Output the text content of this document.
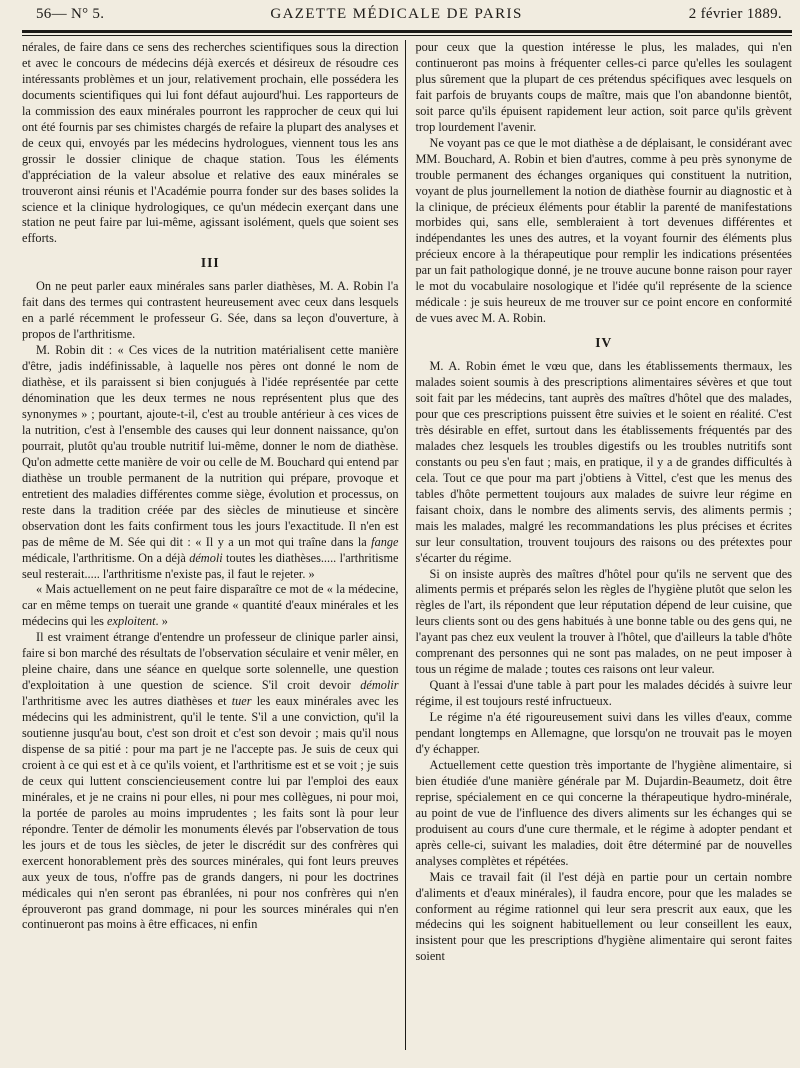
56— N° 5.	GAZETTE MÉDICALE DE PARIS	2 février 1889.

nérales, de faire dans ce sens des recherches scientifiques sous la direction et avec le concours de médecins déjà exercés et désireux de résoudre ces intéressants problèmes et un jour, relativement prochain, elle possédera les documents scientifiques qui lui font défaut aujourd'hui. Les rapporteurs de la commission des eaux minérales pourront les rapprocher de ceux qui lui ont été fournis par ses chimistes chargés de refaire la plupart des analyses et de ceux qui, envoyés par les médecins hydrologues, viennent tous les ans grossir le dossier clinique de chaque station. Tous les éléments d'appréciation de la valeur absolue et relative des eaux minérales se trouveront ainsi réunis et l'Académie pourra fonder sur des bases solides la science et la clinique hydrologiques, ce qu'un médecin exerçant dans une station ne peut faire par lui-même, agissant isolément, quels que soient ses efforts.

III

On ne peut parler eaux minérales sans parler diathèses, M. A. Robin l'a fait dans des termes qui contrastent heureusement avec ceux dans lesquels en a parlé récemment le professeur G. Sée, dans sa leçon d'ouverture, à propos de l'arthritisme.

M. Robin dit : « Ces vices de la nutrition matérialisent cette manière d'être, jadis indéfinissable, à laquelle nos pères ont donné le nom de diathèse, et ils paraissent si bien conjugués à l'idée représentée par cette dénomination que les deux termes ne nous représentent plus que des synonymes » ; pourtant, ajoute-t-il, c'est au trouble antérieur à ces vices de la nutrition, c'est à l'ensemble des causes qui leur donnent naissance, qu'on pourrait, plutôt qu'au trouble nutritif lui-même, donner le nom de diathèse. Qu'on admette cette manière de voir ou celle de M. Bouchard qui entend par diathèse un trouble permanent de la nutrition qui prépare, provoque et entretient des maladies différentes comme siège, évolution et processus, on reste dans la tradition créée par des siècles de minutieuse et sincère observation dont les faits confirment tous les jours l'exactitude. Il n'en est pas de même de M. Sée qui dit : « Il y a un mot qui traîne dans la fange médicale, l'arthritisme. On a déjà démoli toutes les diathèses..... l'arthritisme seul resterait..... l'arthritisme n'existe pas, il faut le rejeter. »

« Mais actuellement on ne peut faire disparaître ce mot de « la médecine, car en même temps on tuerait une grande « quantité d'eaux minérales et les médecins qui les exploitent. »

Il est vraiment étrange d'entendre un professeur de clinique parler ainsi, faire si bon marché des résultats de l'observation séculaire et venir mêler, en pleine chaire, dans une séance en quelque sorte solennelle, une question d'exploitation à une question de science. S'il croit devoir démolir l'arthritisme avec les autres diathèses et tuer les eaux minérales avec les médecins qui les administrent, qu'il le tente. S'il a une conviction, qu'il la soutienne jusqu'au bout, c'est son droit et c'est son devoir ; mais qu'il nous dispense de sa pitié : pour ma part je ne l'accepte pas. Je suis de ceux qui croient à ce qui est et à ce qu'ils voient, et l'arthritisme est et se voit ; je suis de ceux qui luttent consciencieusement contre lui par l'emploi des eaux minérales, et je ne crains ni pour elles, ni pour mes collègues, ni pour moi, la portée de paroles au moins imprudentes ; les faits sont là pour leur répondre. Tenter de démolir les monuments élevés par l'observation de tous les jours et de tous les siècles, de jeter le discrédit sur des confrères qui exercent honorablement près des sources minérales, qui font leurs preuves aux yeux de tous, n'offre pas de grands dangers, ni pour les doctrines médicales qui n'en seront pas ébranlées, ni pour nos confrères qui n'en éprouveront pas grand dommage, ni pour les sources minérales qui n'en continueront pas moins à être efficaces, ni enfin

pour ceux que la question intéresse le plus, les malades, qui n'en continueront pas moins à fréquenter celles-ci parce qu'elles les soulagent plus sûrement que la plupart de ces prétendus spécifiques avec lesquels on fait parfois de bruyants coups de maître, mais que l'on abandonne bientôt, soit parce qu'ils épuisent rapidement leur action, soit parce qu'ils grèvent trop lourdement l'avenir.

Ne voyant pas ce que le mot diathèse a de déplaisant, le considérant avec MM. Bouchard, A. Robin et bien d'autres, comme à peu près synonyme de trouble permanent des échanges organiques qui constituent la nutrition, voyant de plus journellement la notion de diathèse fournir au diagnostic et à la clinique, de précieux éléments pour établir la parenté de manifestations morbides qui, sans elle, sembleraient à tort devenues différentes et indépendantes les unes des autres, et la voyant fournir des éléments plus précieux encore à la thérapeutique pour remplir les indications présentées par un fait pathologique donné, je ne trouve aucune bonne raison pour rayer le mot du vocabulaire nosologique et l'idée qu'il représente de la science médicale : je suis heureux de me trouver sur ce point encore en conformité de vues avec M. A. Robin.

IV

M. A. Robin émet le vœu que, dans les établissements thermaux, les malades soient soumis à des prescriptions alimentaires sévères et que tout soit fait par les médecins, tant auprès des maîtres d'hôtel que des malades, pour que ces prescriptions puissent être suivies et le soient en réalité. C'est très désirable en effet, surtout dans les établissements fréquentés par des malades chez lesquels les troubles digestifs ou les troubles nutritifs sont constants ou peu s'en faut ; mais, en pratique, il y a de grandes difficultés à cela. Tout ce que pour ma part j'obtiens à Vittel, c'est que les menus des tables d'hôte permettent toujours aux malades de suivre leur régime en faisant choix, dans le nombre des aliments servis, des aliments permis ; mais les malades, malgré les recommandations les plus précises et écrites sur leur consultation, trouvent toujours des raisons ou des prétextes pour s'écarter du régime.

Si on insiste auprès des maîtres d'hôtel pour qu'ils ne servent que des aliments permis et préparés selon les règles de l'hygiène plutôt que selon les règles de l'art, ils répondent que leur réputation dépend de leur cuisine, que leurs clients sont ou des gens habitués à une bonne table ou des gens qui, ne l'ayant pas chez eux veulent la trouver à l'hôtel, que d'ailleurs la table d'hôte comprenant des personnes qui ne sont pas malades, on ne peut imposer à tous un régime de malade ; toutes ces raisons ont leur valeur.

Quant à l'essai d'une table à part pour les malades décidés à suivre leur régime, il est toujours resté infructueux.

Le régime n'a été rigoureusement suivi dans les villes d'eaux, comme pendant longtemps en Allemagne, que lorsqu'on ne trouvait pas le moyen d'y échapper.

Actuellement cette question très importante de l'hygiène alimentaire, si bien étudiée d'une manière générale par M. Dujardin-Beaumetz, doit être reprise, spécialement en ce qui concerne la thérapeutique hydro-minérale, au point de vue de l'influence des divers aliments sur les échanges qui se produisent au cours d'une cure thermale, et le régime à adopter pendant et après celle-ci, suivant les maladies, doit être déterminé par de nouvelles analyses complètes et répétées.

Mais ce travail fait (il l'est déjà en partie pour un certain nombre d'aliments et d'eaux minérales), il faudra encore, pour que les malades se conforment au régime rationnel qui leur sera prescrit aux eaux, que les médecins qui les soignent habituellement ou leur conseillent les eaux, insistent pour que les prescriptions d'hygiène alimentaire qui seront faites soient
